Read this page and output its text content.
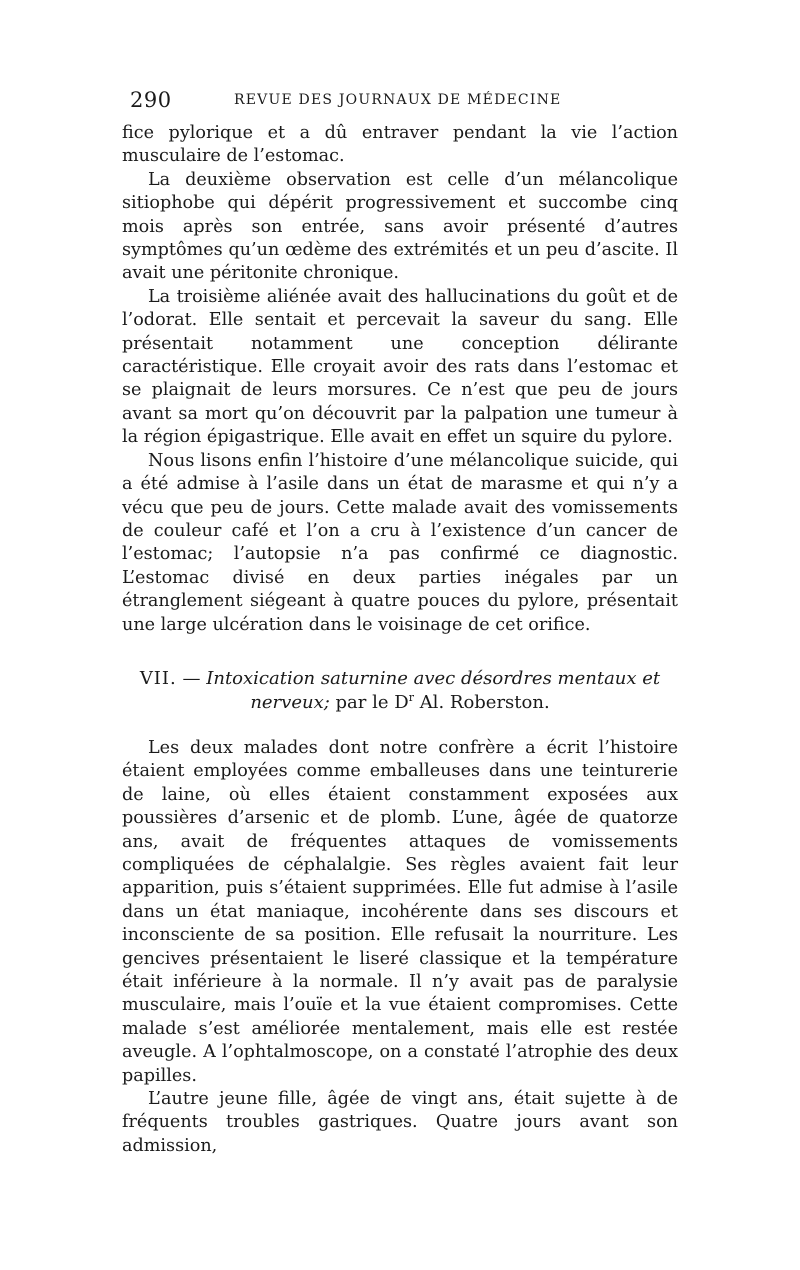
290	REVUE DES JOURNAUX DE MÉDECINE

fice pylorique et a dû entraver pendant la vie l’action musculaire de l’estomac.

La deuxième observation est celle d’un mélancolique sitiophobe qui dépérit progressivement et succombe cinq mois après son entrée, sans avoir présenté d’autres symptômes qu’un œdème des extrémités et un peu d’ascite. Il avait une péritonite chronique.

La troisième aliénée avait des hallucinations du goût et de l’odorat. Elle sentait et percevait la saveur du sang. Elle présentait notamment une conception délirante caractéristique. Elle croyait avoir des rats dans l’estomac et se plaignait de leurs morsures. Ce n’est que peu de jours avant sa mort qu’on découvrit par la palpation une tumeur à la région épigastrique. Elle avait en effet un squire du pylore.

Nous lisons enfin l’histoire d’une mélancolique suicide, qui a été admise à l’asile dans un état de marasme et qui n’y a vécu que peu de jours. Cette malade avait des vomissements de couleur café et l’on a cru à l’existence d’un cancer de l’estomac; l’autopsie n’a pas confirmé ce diagnostic. L’estomac divisé en deux parties inégales par un étranglement siégeant à quatre pouces du pylore, présentait une large ulcération dans le voisinage de cet orifice.

VII. — Intoxication saturnine avec désordres mentaux et nerveux; par le $D^r$ Al. Roberston.

Les deux malades dont notre confrère a écrit l’histoire étaient employées comme emballeuses dans une teinturerie de laine, où elles étaient constamment exposées aux poussières d’arsenic et de plomb. L’une, âgée de quatorze ans, avait de fréquentes attaques de vomissements compliquées de céphalalgie. Ses règles avaient fait leur apparition, puis s’étaient supprimées. Elle fut admise à l’asile dans un état maniaque, incohérente dans ses discours et inconsciente de sa position. Elle refusait la nourriture. Les gencives présentaient le liseré classique et la température était inférieure à la normale. Il n’y avait pas de paralysie musculaire, mais l’ouïe et la vue étaient compromises. Cette malade s’est améliorée mentalement, mais elle est restée aveugle. A l’ophtalmoscope, on a constaté l’atrophie des deux papilles.

L’autre jeune fille, âgée de vingt ans, était sujette à de fréquents troubles gastriques. Quatre jours avant son admission,
